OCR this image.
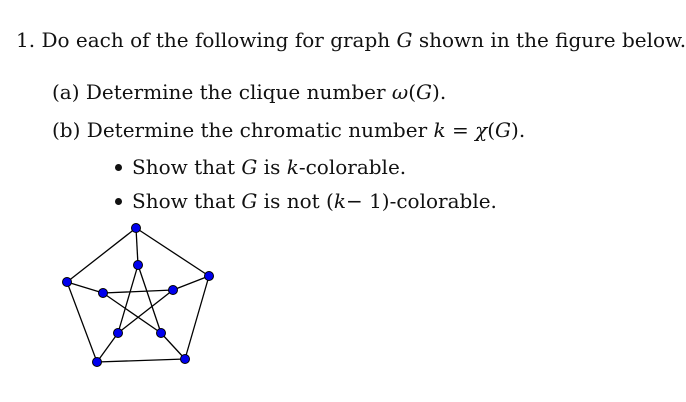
1. Do each of the following for graph G shown in the figure below.
(a) Determine the clique number ω(G).
(b) Determine the chromatic number k = χ(G).
Show that G is k-colorable.
Show that G is not (k− 1)-colorable.
